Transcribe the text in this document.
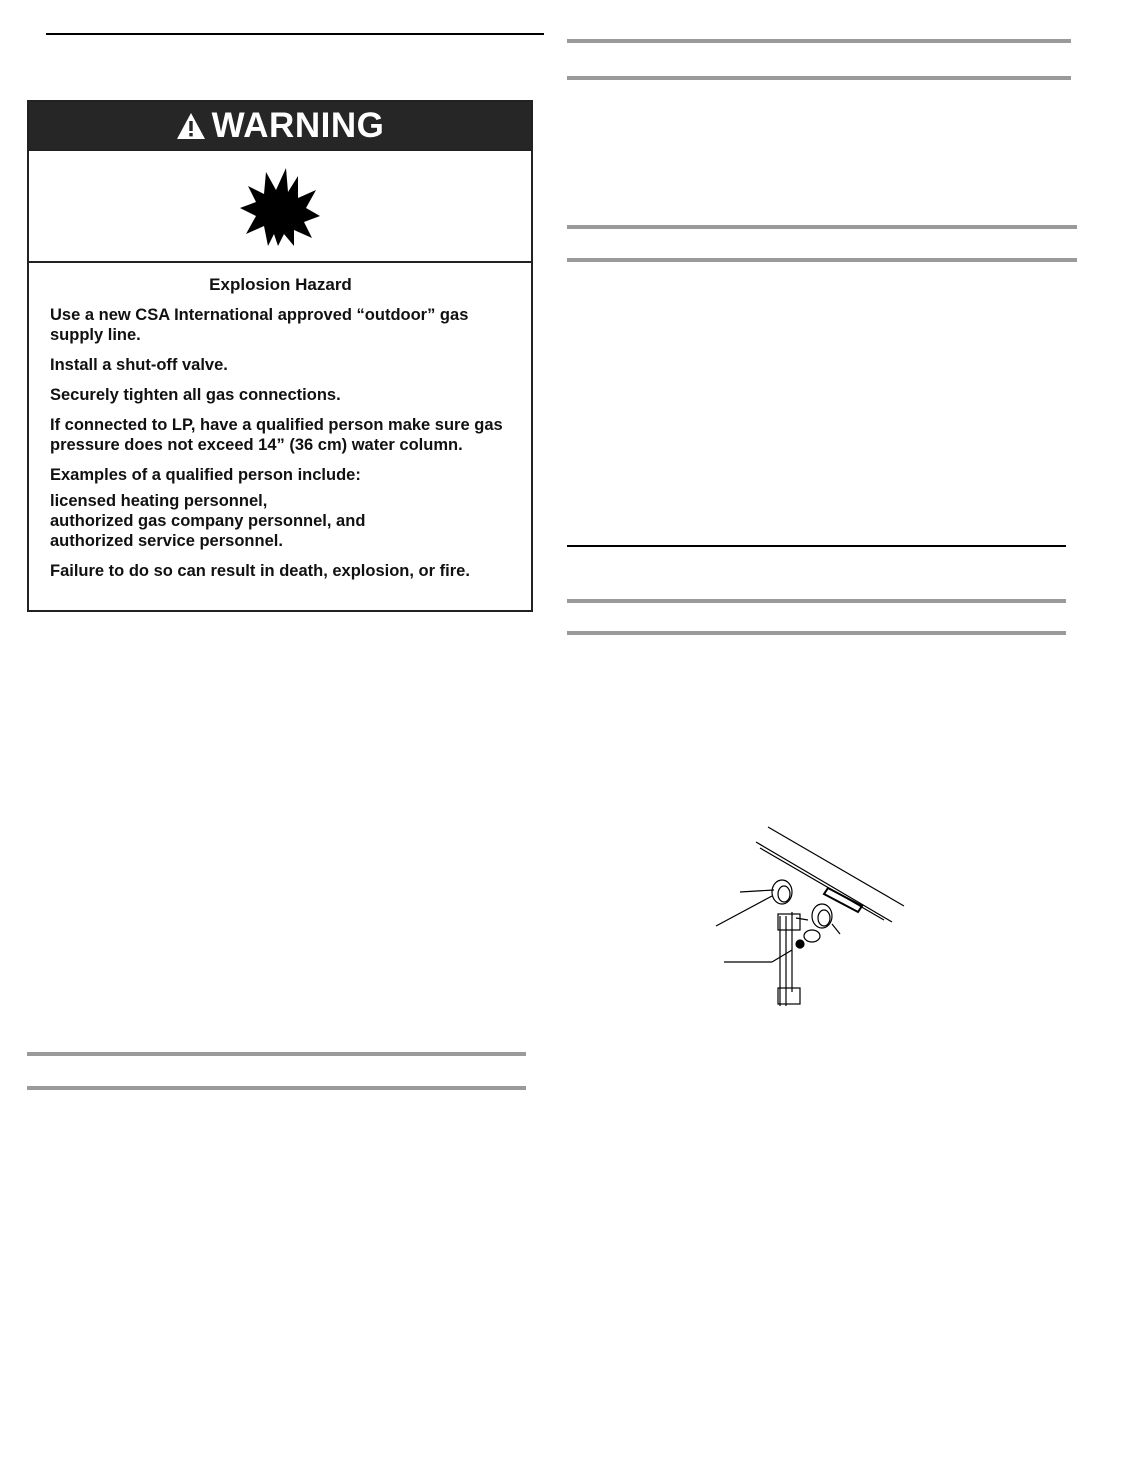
WARNING
Explosion Hazard
Use a new CSA International approved “outdoor” gas supply line.
Install a shut-off valve.
Securely tighten all gas connections.
If connected to LP, have a qualified person make sure gas pressure does not exceed 14” (36 cm) water column.
Examples of a qualified person include:
licensed heating personnel,
authorized gas company personnel, and
authorized service personnel.
Failure to do so can result in death, explosion, or fire.
